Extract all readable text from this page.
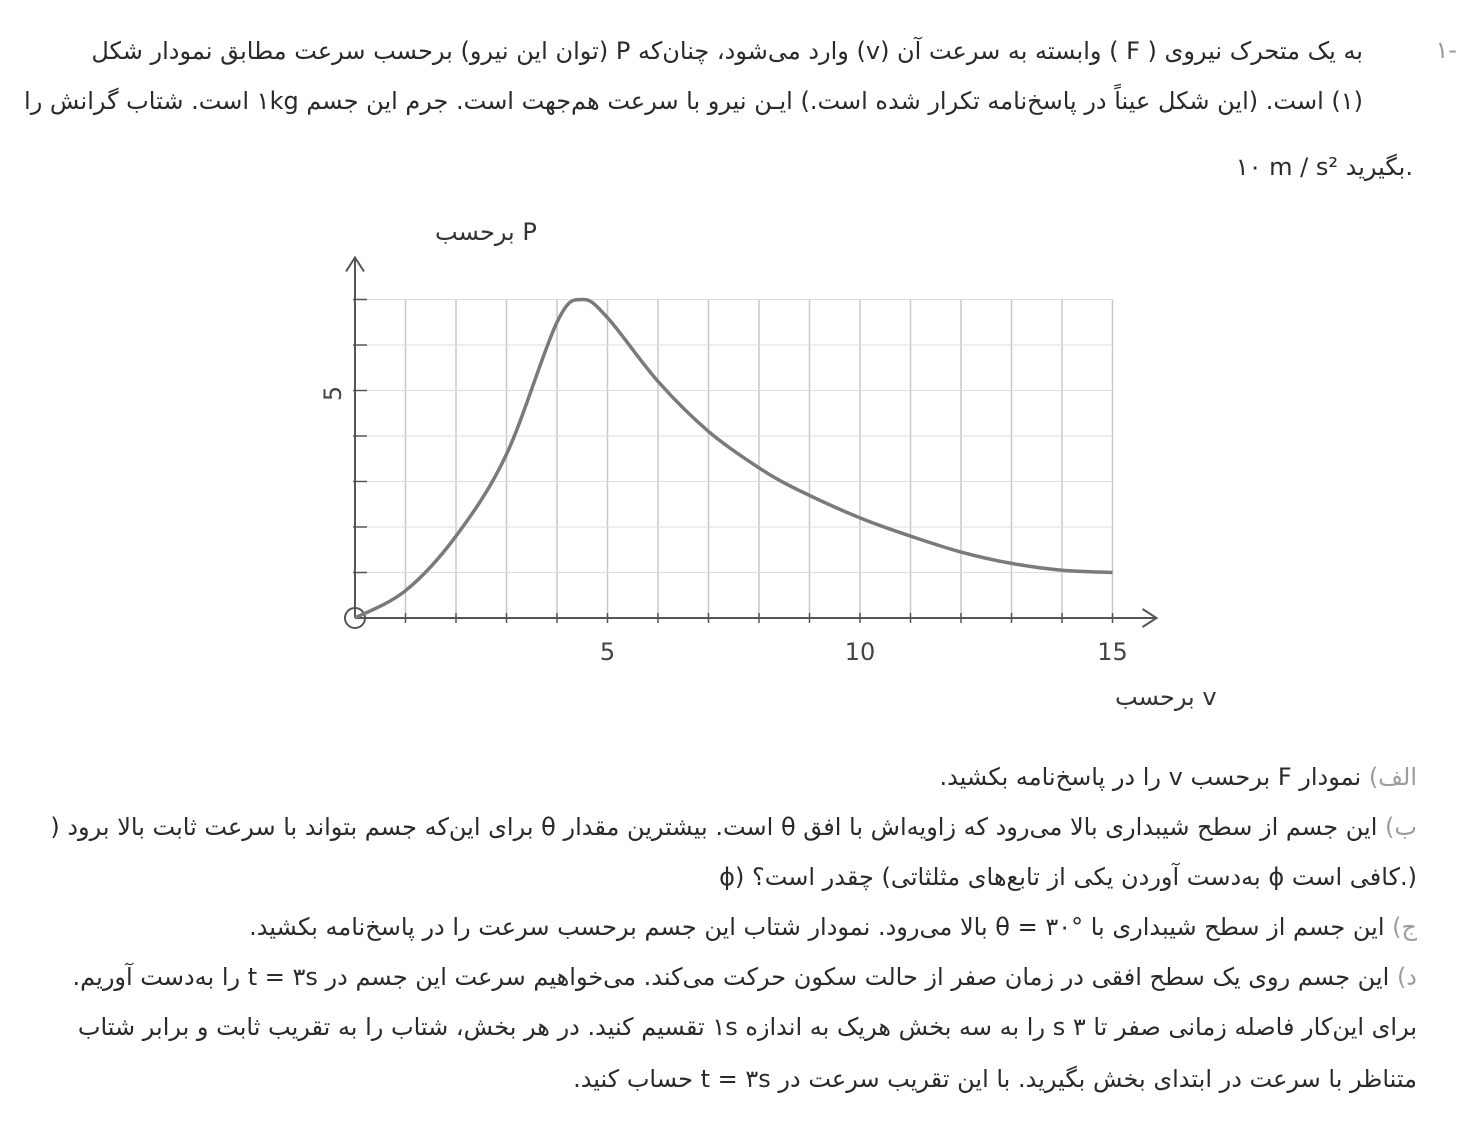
-۱
به یک متحرک نیروی ( F ) وابسته به سرعت آن (v) وارد می‌شود، چنان‌که P (توان این نیرو) برحسب سرعت مطابق نمودار شکل
(۱) است. (این شکل عیناً در پاسخ‌نامه تکرار شده است.) ایـن نیرو با سرعت هم‌جهت است. جرم این جسم ۱kg است. شتاب گرانش را
۱۰ m / s² بگیرید.
5	10	15
5
P برحسب
v برحسب
الف) نمودار F برحسب v را در پاسخ‌نامه بکشید.
ب) این جسم از سطح شیبداری بالا می‌رود که زاویه‌اش با افق θ است. بیشترین مقدار θ برای این‌که جسم بتواند با سرعت ثابت بالا برود (
ϕ) چقدر است؟ (به‌دست آوردن یکی از تابع‌های مثلثاتی ϕ کافی است.)
ج) این جسم از سطح شیبداری با θ = ۳۰° بالا می‌رود. نمودار شتاب این جسم برحسب سرعت را در پاسخ‌نامه بکشید.
د) این جسم روی یک سطح افقی در زمان صفر از حالت سکون حرکت می‌کند. می‌خواهیم سرعت این جسم در t = ۳s را به‌دست آوریم.
برای این‌کار فاصله زمانی صفر تا ۳ s را به سه بخش هریک به اندازه ۱s تقسیم کنید. در هر بخش، شتاب را به تقریب ثابت و برابر شتاب
متناظر با سرعت در ابتدای بخش بگیرید. با این تقریب سرعت در t = ۳s حساب کنید.
